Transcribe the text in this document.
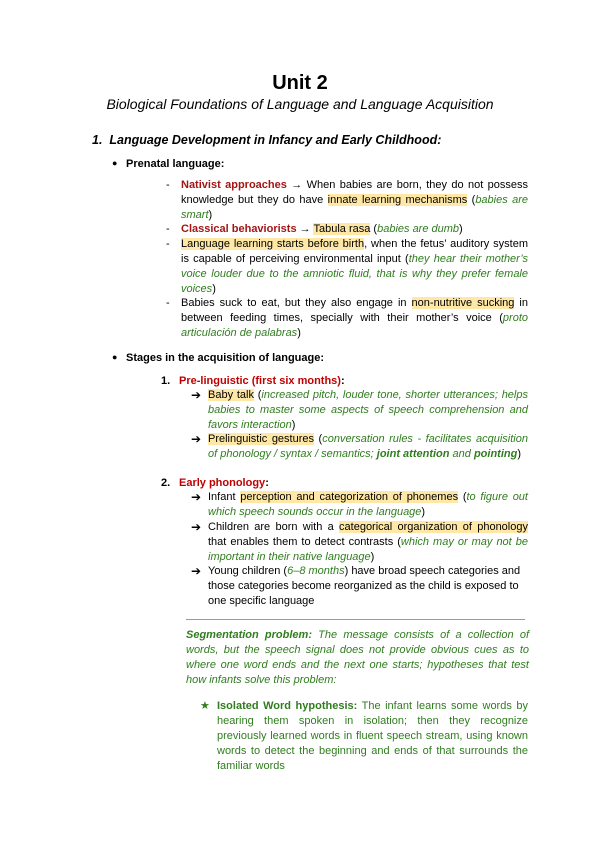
Unit 2
Biological Foundations of Language and Language Acquisition
1. Language Development in Infancy and Early Childhood:
● Prenatal language:
- Nativist approaches → When babies are born, they do not possess knowledge but they do have innate learning mechanisms (babies are smart)
- Classical behaviorists → Tabula rasa (babies are dumb)
- Language learning starts before birth, when the fetus’ auditory system is capable of perceiving environmental input (they hear their mother’s voice louder due to the amniotic fluid, that is why they prefer female voices)
- Babies suck to eat, but they also engage in non-nutritive sucking in between feeding times, specially with their mother’s voice (proto articulación de palabras)
● Stages in the acquisition of language:
1. Pre-linguistic (first six months):
➔ Baby talk (increased pitch, louder tone, shorter utterances; helps babies to master some aspects of speech comprehension and favors interaction)
➔ Prelinguistic gestures (conversation rules - facilitates acquisition of phonology / syntax / semantics; joint attention and pointing)
2. Early phonology:
➔ Infant perception and categorization of phonemes (to figure out which speech sounds occur in the language)
➔ Children are born with a categorical organization of phonology that enables them to detect contrasts (which may or may not be important in their native language)
➔ Young children (6–8 months) have broad speech categories and those categories become reorganized as the child is exposed to one specific language
Segmentation problem: The message consists of a collection of words, but the speech signal does not provide obvious cues as to where one word ends and the next one starts; hypotheses that test how infants solve this problem:
★ Isolated Word hypothesis: The infant learns some words by hearing them spoken in isolation; then they recognize previously learned words in fluent speech stream, using known words to detect the beginning and ends of that surrounds the familiar words
